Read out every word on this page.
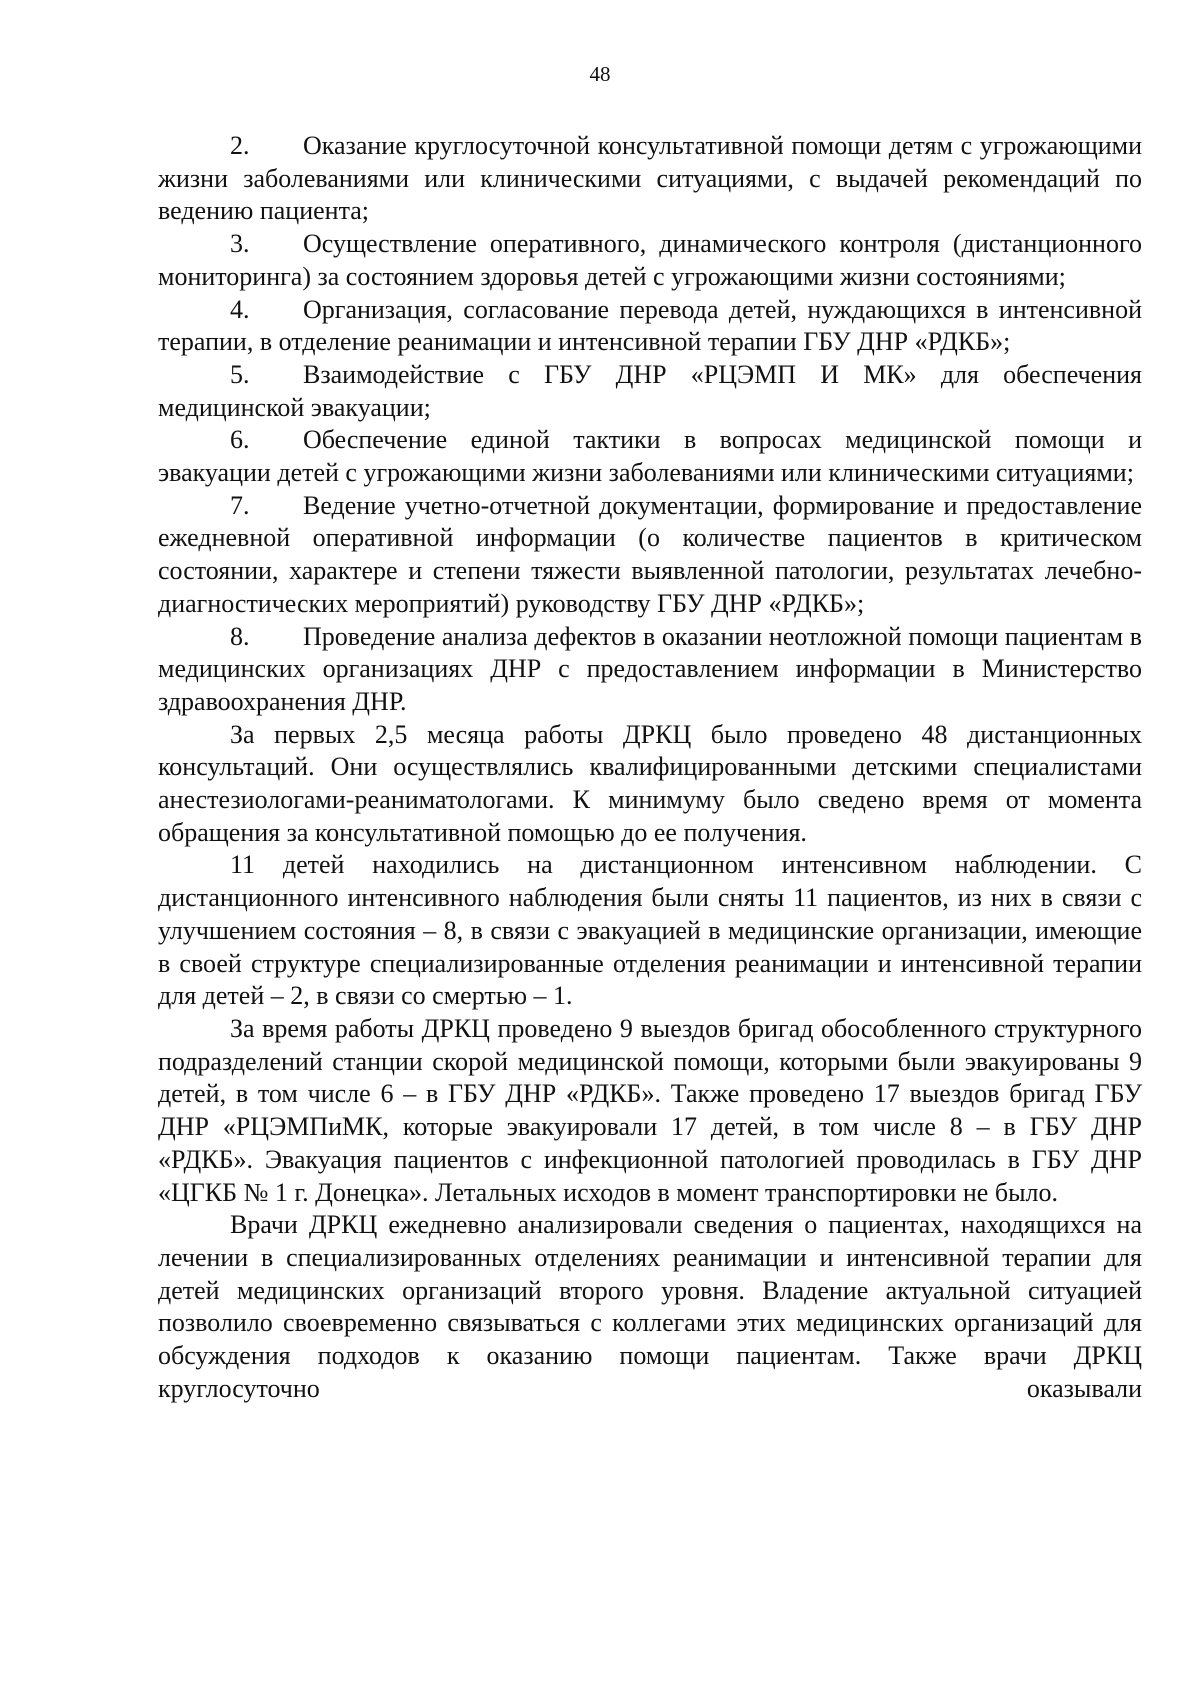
48

2. Оказание круглосуточной консультативной помощи детям с угрожающими жизни заболеваниями или клиническими ситуациями, с выдачей рекомендаций по ведению пациента;

3. Осуществление оперативного, динамического контроля (дистанционного мониторинга) за состоянием здоровья детей с угрожающими жизни состояниями;

4. Организация, согласование перевода детей, нуждающихся в интенсивной терапии, в отделение реанимации и интенсивной терапии ГБУ ДНР «РДКБ»;

5. Взаимодействие с ГБУ ДНР «РЦЭМП И МК» для обеспечения медицинской эвакуации;

6. Обеспечение единой тактики в вопросах медицинской помощи и эвакуации детей с угрожающими жизни заболеваниями или клиническими ситуациями;

7. Ведение учетно-отчетной документации, формирование и предоставление ежедневной оперативной информации (о количестве пациентов в критическом состоянии, характере и степени тяжести выявленной патологии, результатах лечебно-диагностических мероприятий) руководству ГБУ ДНР «РДКБ»;

8. Проведение анализа дефектов в оказании неотложной помощи пациентам в медицинских организациях ДНР с предоставлением информации в Министерство здравоохранения ДНР.

За первых 2,5 месяца работы ДРКЦ было проведено 48 дистанционных консультаций. Они осуществлялись квалифицированными детскими специалистами анестезиологами-реаниматологами. К минимуму было сведено время от момента обращения за консультативной помощью до ее получения.

11 детей находились на дистанционном интенсивном наблюдении. С дистанционного интенсивного наблюдения были сняты 11 пациентов, из них в связи с улучшением состояния – 8, в связи с эвакуацией в медицинские организации, имеющие в своей структуре специализированные отделения реанимации и интенсивной терапии для детей – 2, в связи со смертью – 1.

За время работы ДРКЦ проведено 9 выездов бригад обособленного структурного подразделений станции скорой медицинской помощи, которыми были эвакуированы 9 детей, в том числе 6 – в ГБУ ДНР «РДКБ». Также проведено 17 выездов бригад ГБУ ДНР «РЦЭМПиМК, которые эвакуировали 17 детей, в том числе 8 – в ГБУ ДНР «РДКБ». Эвакуация пациентов с инфекционной патологией проводилась в ГБУ ДНР «ЦГКБ № 1 г. Донецка». Летальных исходов в момент транспортировки не было.

Врачи ДРКЦ ежедневно анализировали сведения о пациентах, находящихся на лечении в специализированных отделениях реанимации и интенсивной терапии для детей медицинских организаций второго уровня. Владение актуальной ситуацией позволило своевременно связываться с коллегами этих медицинских организаций для обсуждения подходов к оказанию помощи пациентам. Также врачи ДРКЦ круглосуточно оказывали
